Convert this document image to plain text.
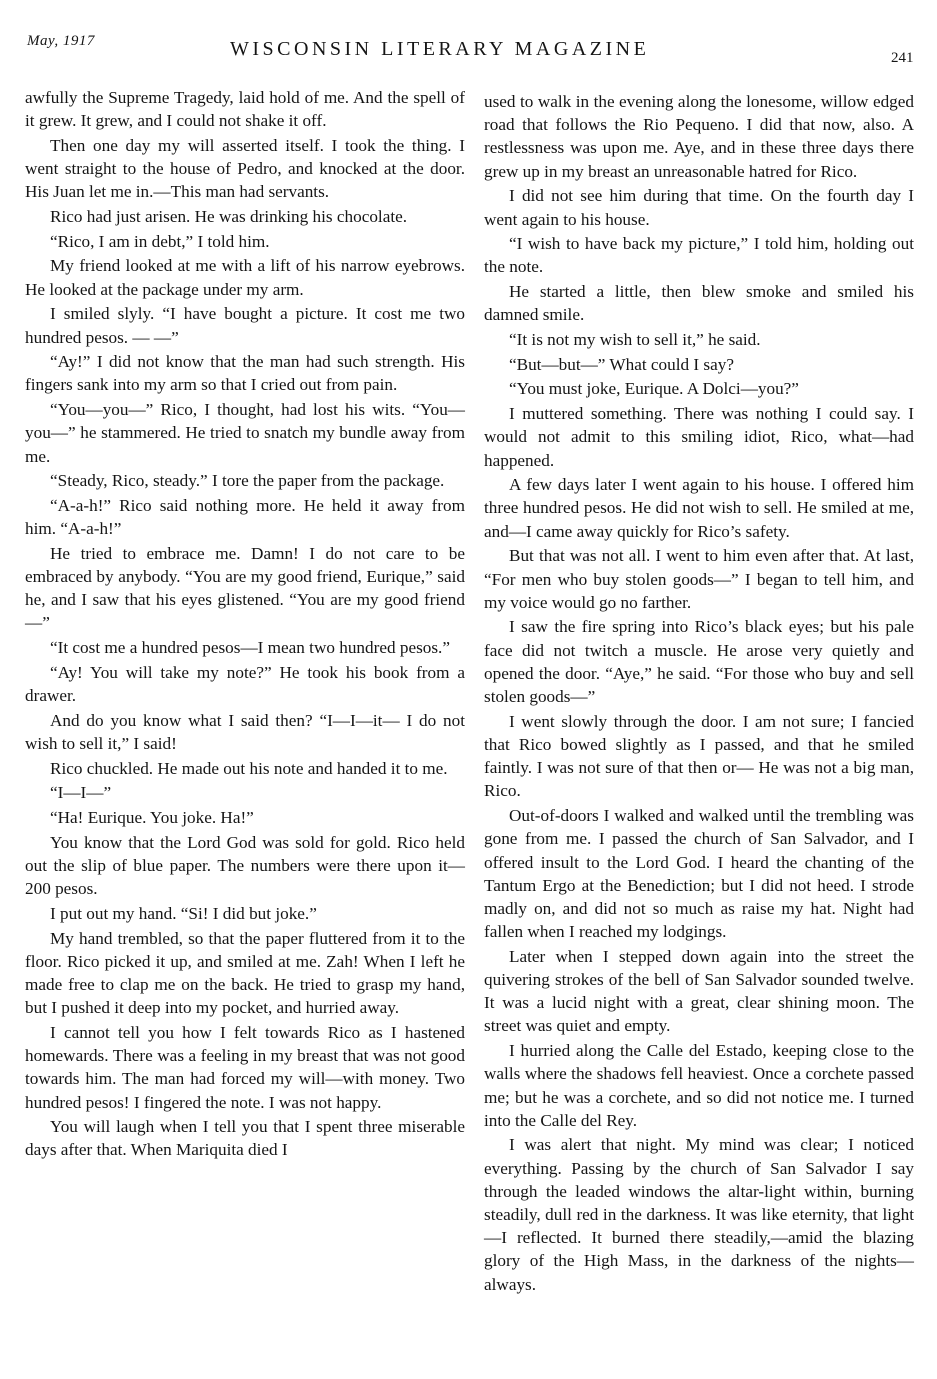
May, 1917	WISCONSIN LITERARY MAGAZINE	241

awfully the Supreme Tragedy, laid hold of me. And the spell of it grew. It grew, and I could not shake it off.

Then one day my will asserted itself. I took the thing. I went straight to the house of Pedro, and knocked at the door. His Juan let me in.—This man had servants.

Rico had just arisen. He was drinking his chocolate.

“Rico, I am in debt,” I told him.

My friend looked at me with a lift of his narrow eyebrows. He looked at the package under my arm.

I smiled slyly. “I have bought a picture. It cost me two hundred pesos. — —”

“Ay!” I did not know that the man had such strength. His fingers sank into my arm so that I cried out from pain.

“You—you—” Rico, I thought, had lost his wits. “You—you—” he stammered. He tried to snatch my bundle away from me.

“Steady, Rico, steady.” I tore the paper from the package.

“A-a-h!” Rico said nothing more. He held it away from him. “A-a-h!”

He tried to embrace me. Damn! I do not care to be embraced by anybody. “You are my good friend, Eurique,” said he, and I saw that his eyes glistened. “You are my good friend—”

“It cost me a hundred pesos—I mean two hundred pesos.”

“Ay! You will take my note?” He took his book from a drawer.

And do you know what I said then? “I—I—it— I do not wish to sell it,” I said!

Rico chuckled. He made out his note and handed it to me.

“I—I—”

“Ha! Eurique. You joke. Ha!”

You know that the Lord God was sold for gold. Rico held out the slip of blue paper. The numbers were there upon it—200 pesos.

I put out my hand. “Si! I did but joke.”

My hand trembled, so that the paper fluttered from it to the floor. Rico picked it up, and smiled at me. Zah! When I left he made free to clap me on the back. He tried to grasp my hand, but I pushed it deep into my pocket, and hurried away.

I cannot tell you how I felt towards Rico as I hastened homewards. There was a feeling in my breast that was not good towards him. The man had forced my will—with money. Two hundred pesos! I fingered the note. I was not happy.

You will laugh when I tell you that I spent three miserable days after that. When Mariquita died I

used to walk in the evening along the lonesome, willow edged road that follows the Rio Pequeno. I did that now, also. A restlessness was upon me. Aye, and in these three days there grew up in my breast an unreasonable hatred for Rico.

I did not see him during that time. On the fourth day I went again to his house.

“I wish to have back my picture,” I told him, holding out the note.

He started a little, then blew smoke and smiled his damned smile.

“It is not my wish to sell it,” he said.

“But—but—” What could I say?

“You must joke, Eurique. A Dolci—you?”

I muttered something. There was nothing I could say. I would not admit to this smiling idiot, Rico, what—had happened.

A few days later I went again to his house. I offered him three hundred pesos. He did not wish to sell. He smiled at me, and—I came away quickly for Rico’s safety.

But that was not all. I went to him even after that. At last, “For men who buy stolen goods—” I began to tell him, and my voice would go no farther.

I saw the fire spring into Rico’s black eyes; but his pale face did not twitch a muscle. He arose very quietly and opened the door. “Aye,” he said. “For those who buy and sell stolen goods—”

I went slowly through the door. I am not sure; I fancied that Rico bowed slightly as I passed, and that he smiled faintly. I was not sure of that then or— He was not a big man, Rico.

Out-of-doors I walked and walked until the trembling was gone from me. I passed the church of San Salvador, and I offered insult to the Lord God. I heard the chanting of the Tantum Ergo at the Benediction; but I did not heed. I strode madly on, and did not so much as raise my hat. Night had fallen when I reached my lodgings.

Later when I stepped down again into the street the quivering strokes of the bell of San Salvador sounded twelve. It was a lucid night with a great, clear shining moon. The street was quiet and empty.

I hurried along the Calle del Estado, keeping close to the walls where the shadows fell heaviest. Once a corchete passed me; but he was a corchete, and so did not notice me. I turned into the Calle del Rey.

I was alert that night. My mind was clear; I noticed everything. Passing by the church of San Salvador I say through the leaded windows the altar-light within, burning steadily, dull red in the darkness. It was like eternity, that light—I reflected. It burned there steadily,—amid the blazing glory of the High Mass, in the darkness of the nights—always.
